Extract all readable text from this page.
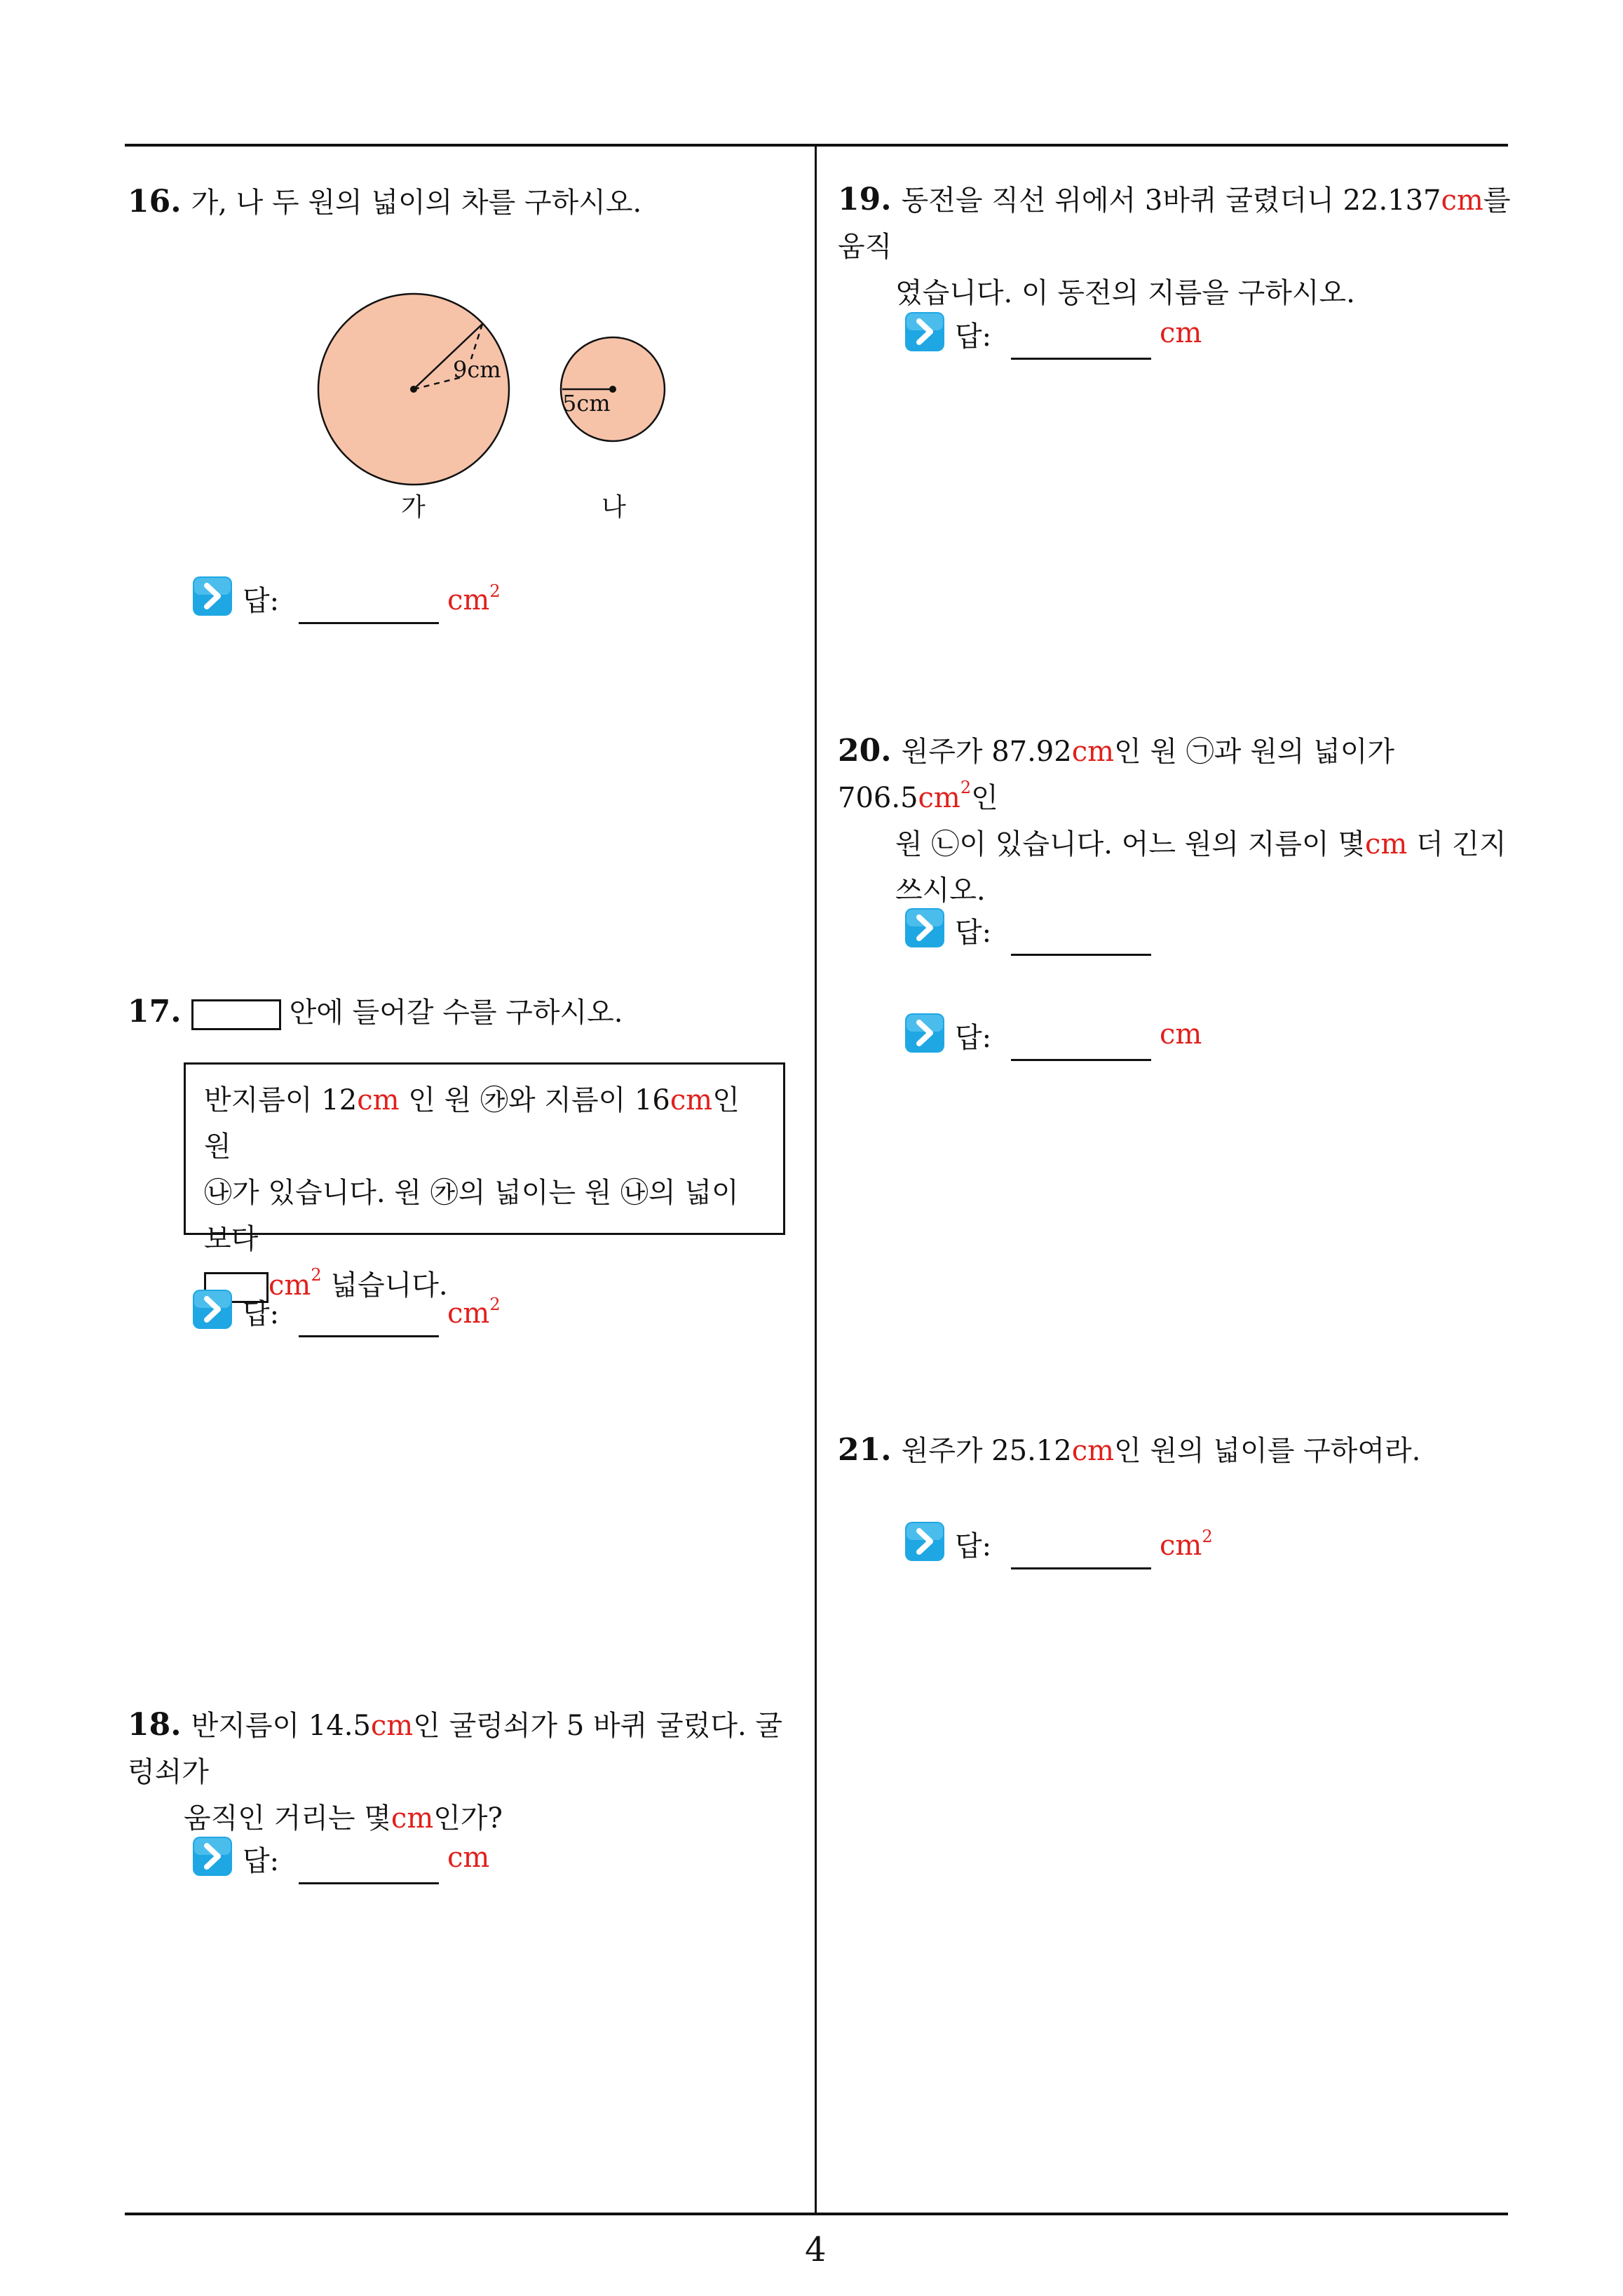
16. 가, 나 두 원의 넓이의 차를 구하시오.
9cm
5cm
가	나
답:	$cm^2$
17.	안에 들어갈 수를 구하시오.
반지름이 12cm 인 원 ㉮와 지름이 16cm인 원
㉯가 있습니다. 원 ㉮의 넓이는 원 ㉯의 넓이보다
$cm^2$ 넓습니다.
답:	$cm^2$
18. 반지름이 14.5cm인 굴렁쇠가 5 바퀴 굴렀다. 굴렁쇠가
움직인 거리는 몇cm인가?
답:	cm
19. 동전을 직선 위에서 3바퀴 굴렸더니 22.137cm를 움직
였습니다. 이 동전의 지름을 구하시오.
답:	cm
20. 원주가 87.92cm인 원 ㉠과 원의 넓이가 $706.5cm^2$인
원 ㉡이 있습니다. 어느 원의 지름이 몇cm 더 긴지
쓰시오.
답:
답:	cm
21. 원주가 25.12cm인 원의 넓이를 구하여라.
답:	$cm^2$
4
